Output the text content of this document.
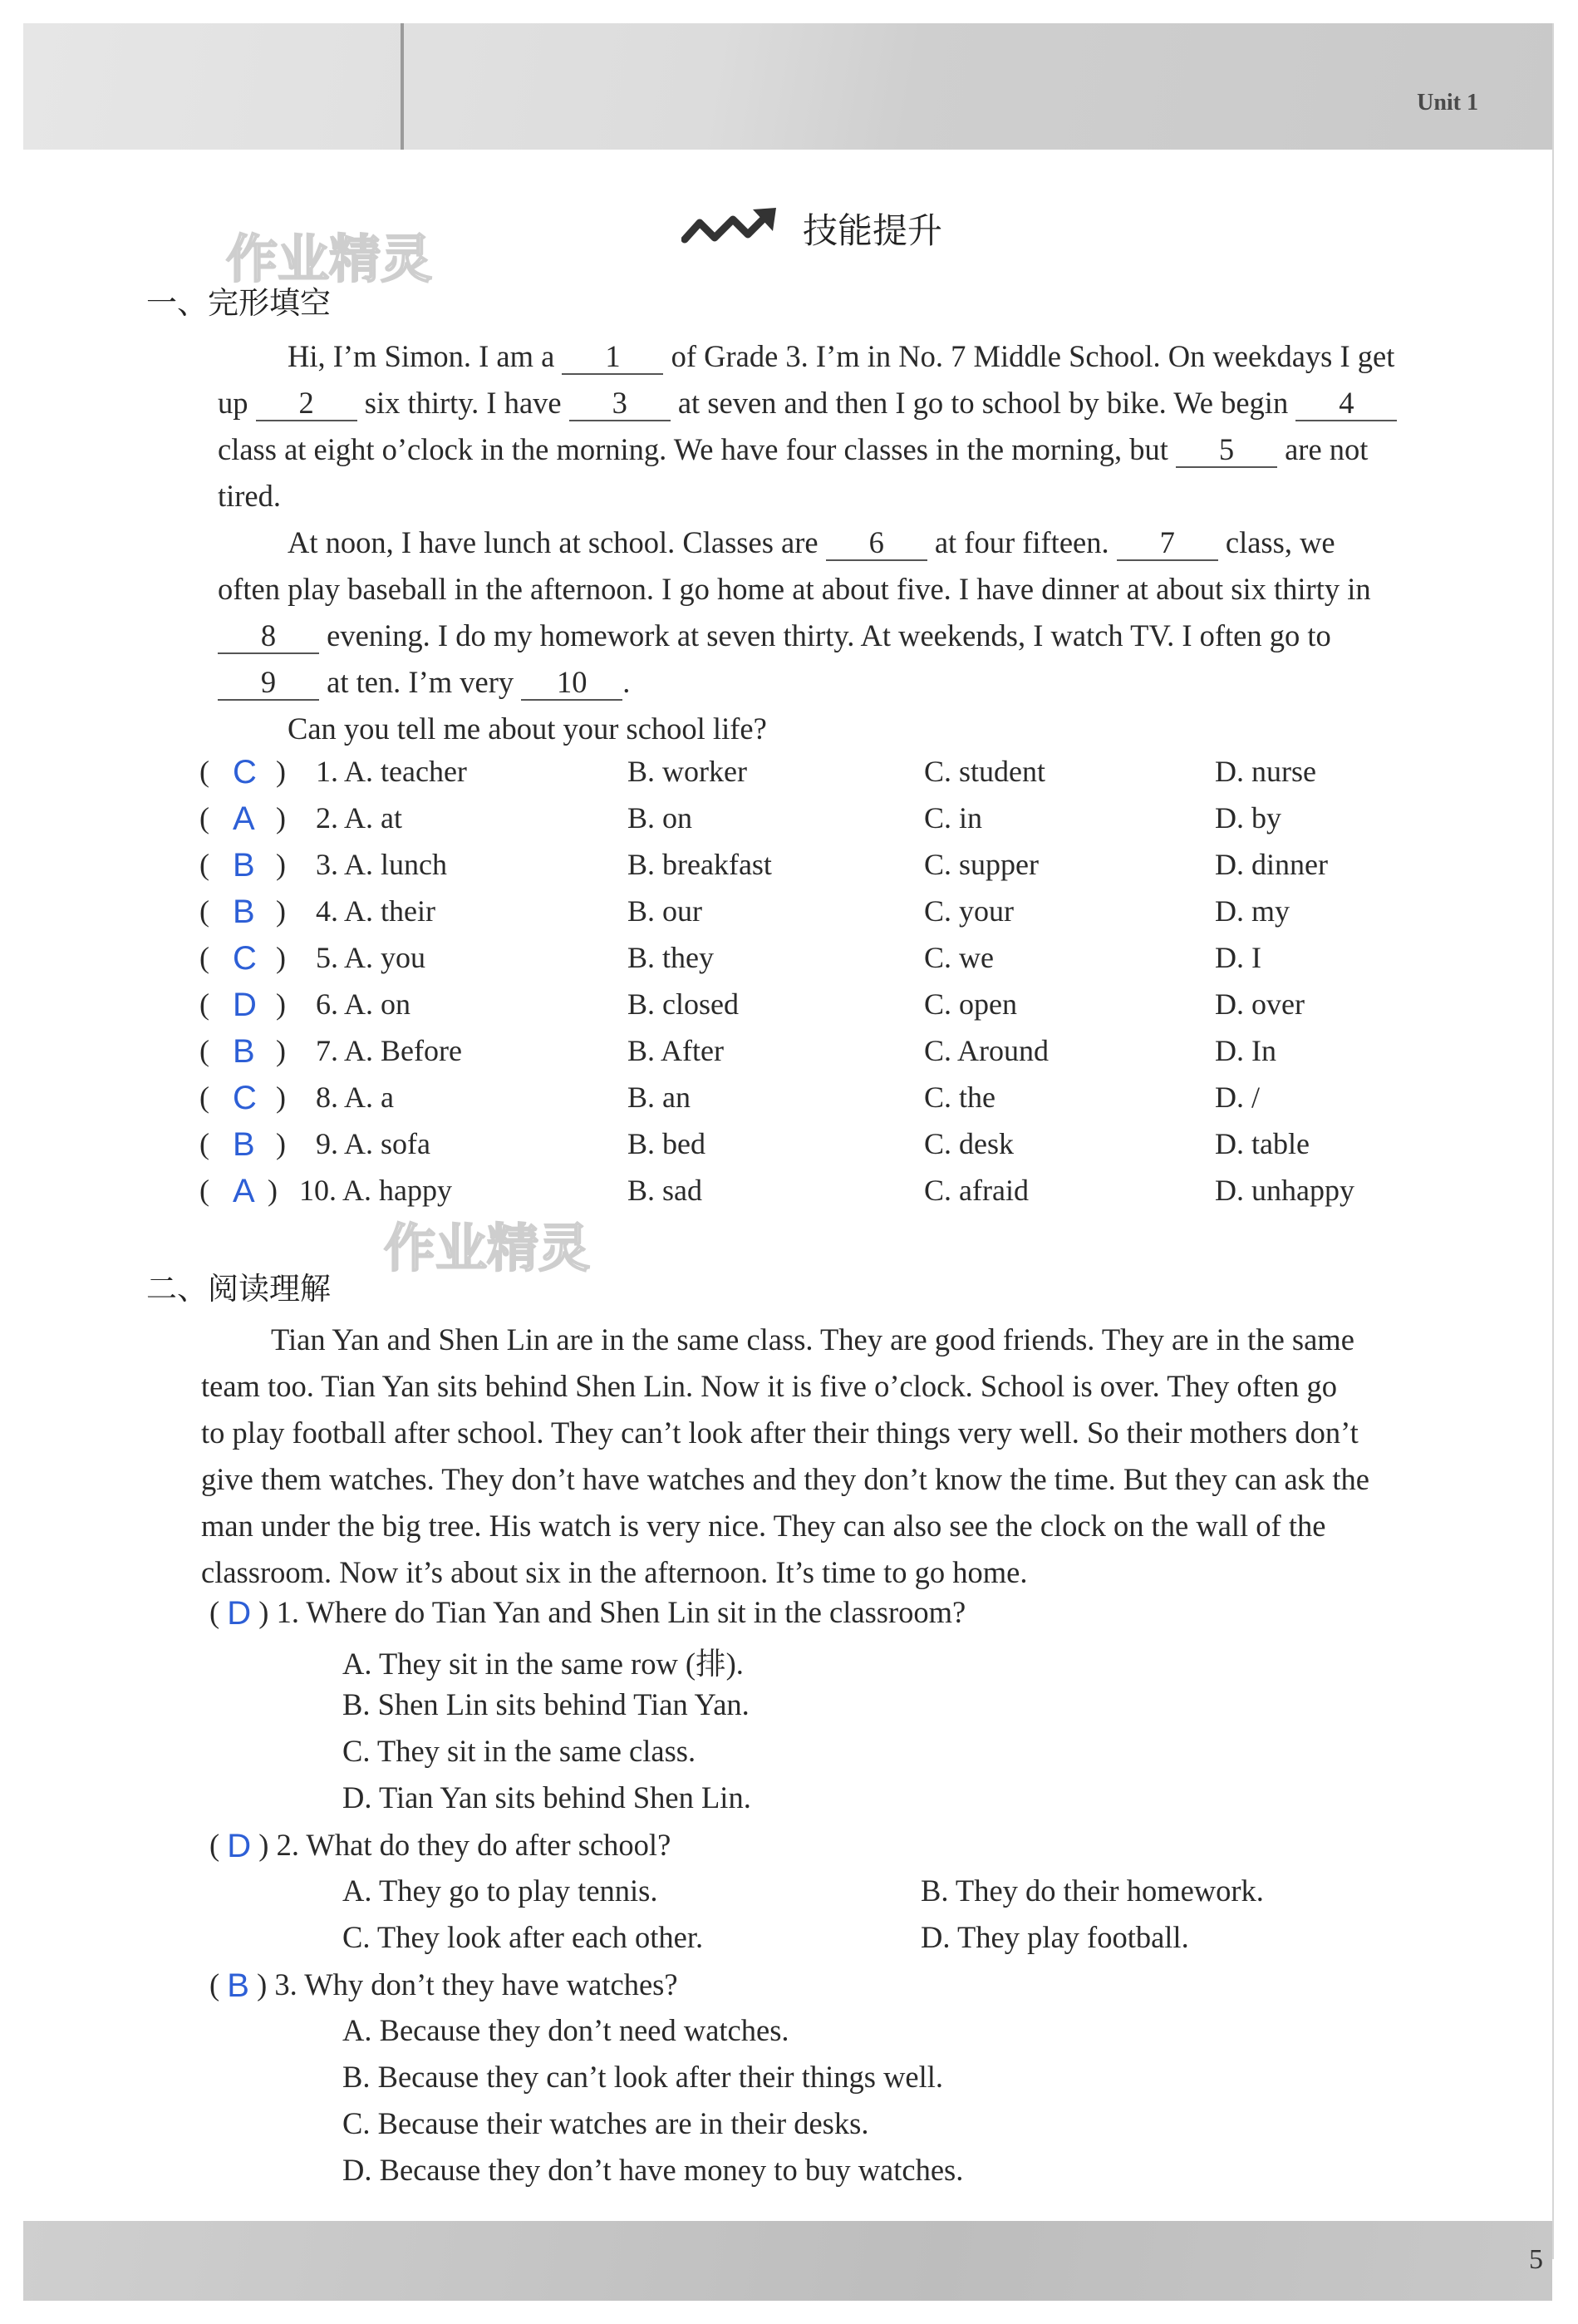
Unit 1
5
技能提升
作业精灵
作业精灵
一、完形填空
Hi, I’m Simon. I am a 1 of Grade 3. I’m in No. 7 Middle School. On weekdays I get
up 2 six thirty. I have 3 at seven and then I go to school by bike. We begin 4
class at eight o’clock in the morning. We have four classes in the morning, but 5 are not
tired.
At noon, I have lunch at school. Classes are 6 at four fifteen. 7 class, we
often play baseball in the afternoon. I go home at about five. I have dinner at about six thirty in
8 evening. I do my homework at seven thirty. At weekends, I watch TV. I often go to
9 at ten. I’m very 10 .
Can you tell me about your school life?
( C ) 1. A. teacher	B. worker	C. student	D. nurse
( A ) 2. A. at	B. on	C. in	D. by
( B ) 3. A. lunch	B. breakfast	C. supper	D. dinner
( B ) 4. A. their	B. our	C. your	D. my
( C ) 5. A. you	B. they	C. we	D. I
( D ) 6. A. on	B. closed	C. open	D. over
( B ) 7. A. Before	B. After	C. Around	D. In
( C ) 8. A. a	B. an	C. the	D. /
( B ) 9. A. sofa	B. bed	C. desk	D. table
( A ) 10. A. happy	B. sad	C. afraid	D. unhappy
二、阅读理解
Tian Yan and Shen Lin are in the same class. They are good friends. They are in the same
team too. Tian Yan sits behind Shen Lin. Now it is five o’clock. School is over. They often go
to play football after school. They can’t look after their things very well. So their mothers don’t
give them watches. They don’t have watches and they don’t know the time. But they can ask the
man under the big tree. His watch is very nice. They can also see the clock on the wall of the
classroom. Now it’s about six in the afternoon. It’s time to go home.
( D ) 1. Where do Tian Yan and Shen Lin sit in the classroom?
A. They sit in the same row (排).
B. Shen Lin sits behind Tian Yan.
C. They sit in the same class.
D. Tian Yan sits behind Shen Lin.
( D ) 2. What do they do after school?
A. They go to play tennis.	B. They do their homework.
C. They look after each other.	D. They play football.
( B ) 3. Why don’t they have watches?
A. Because they don’t need watches.
B. Because they can’t look after their things well.
C. Because their watches are in their desks.
D. Because they don’t have money to buy watches.
